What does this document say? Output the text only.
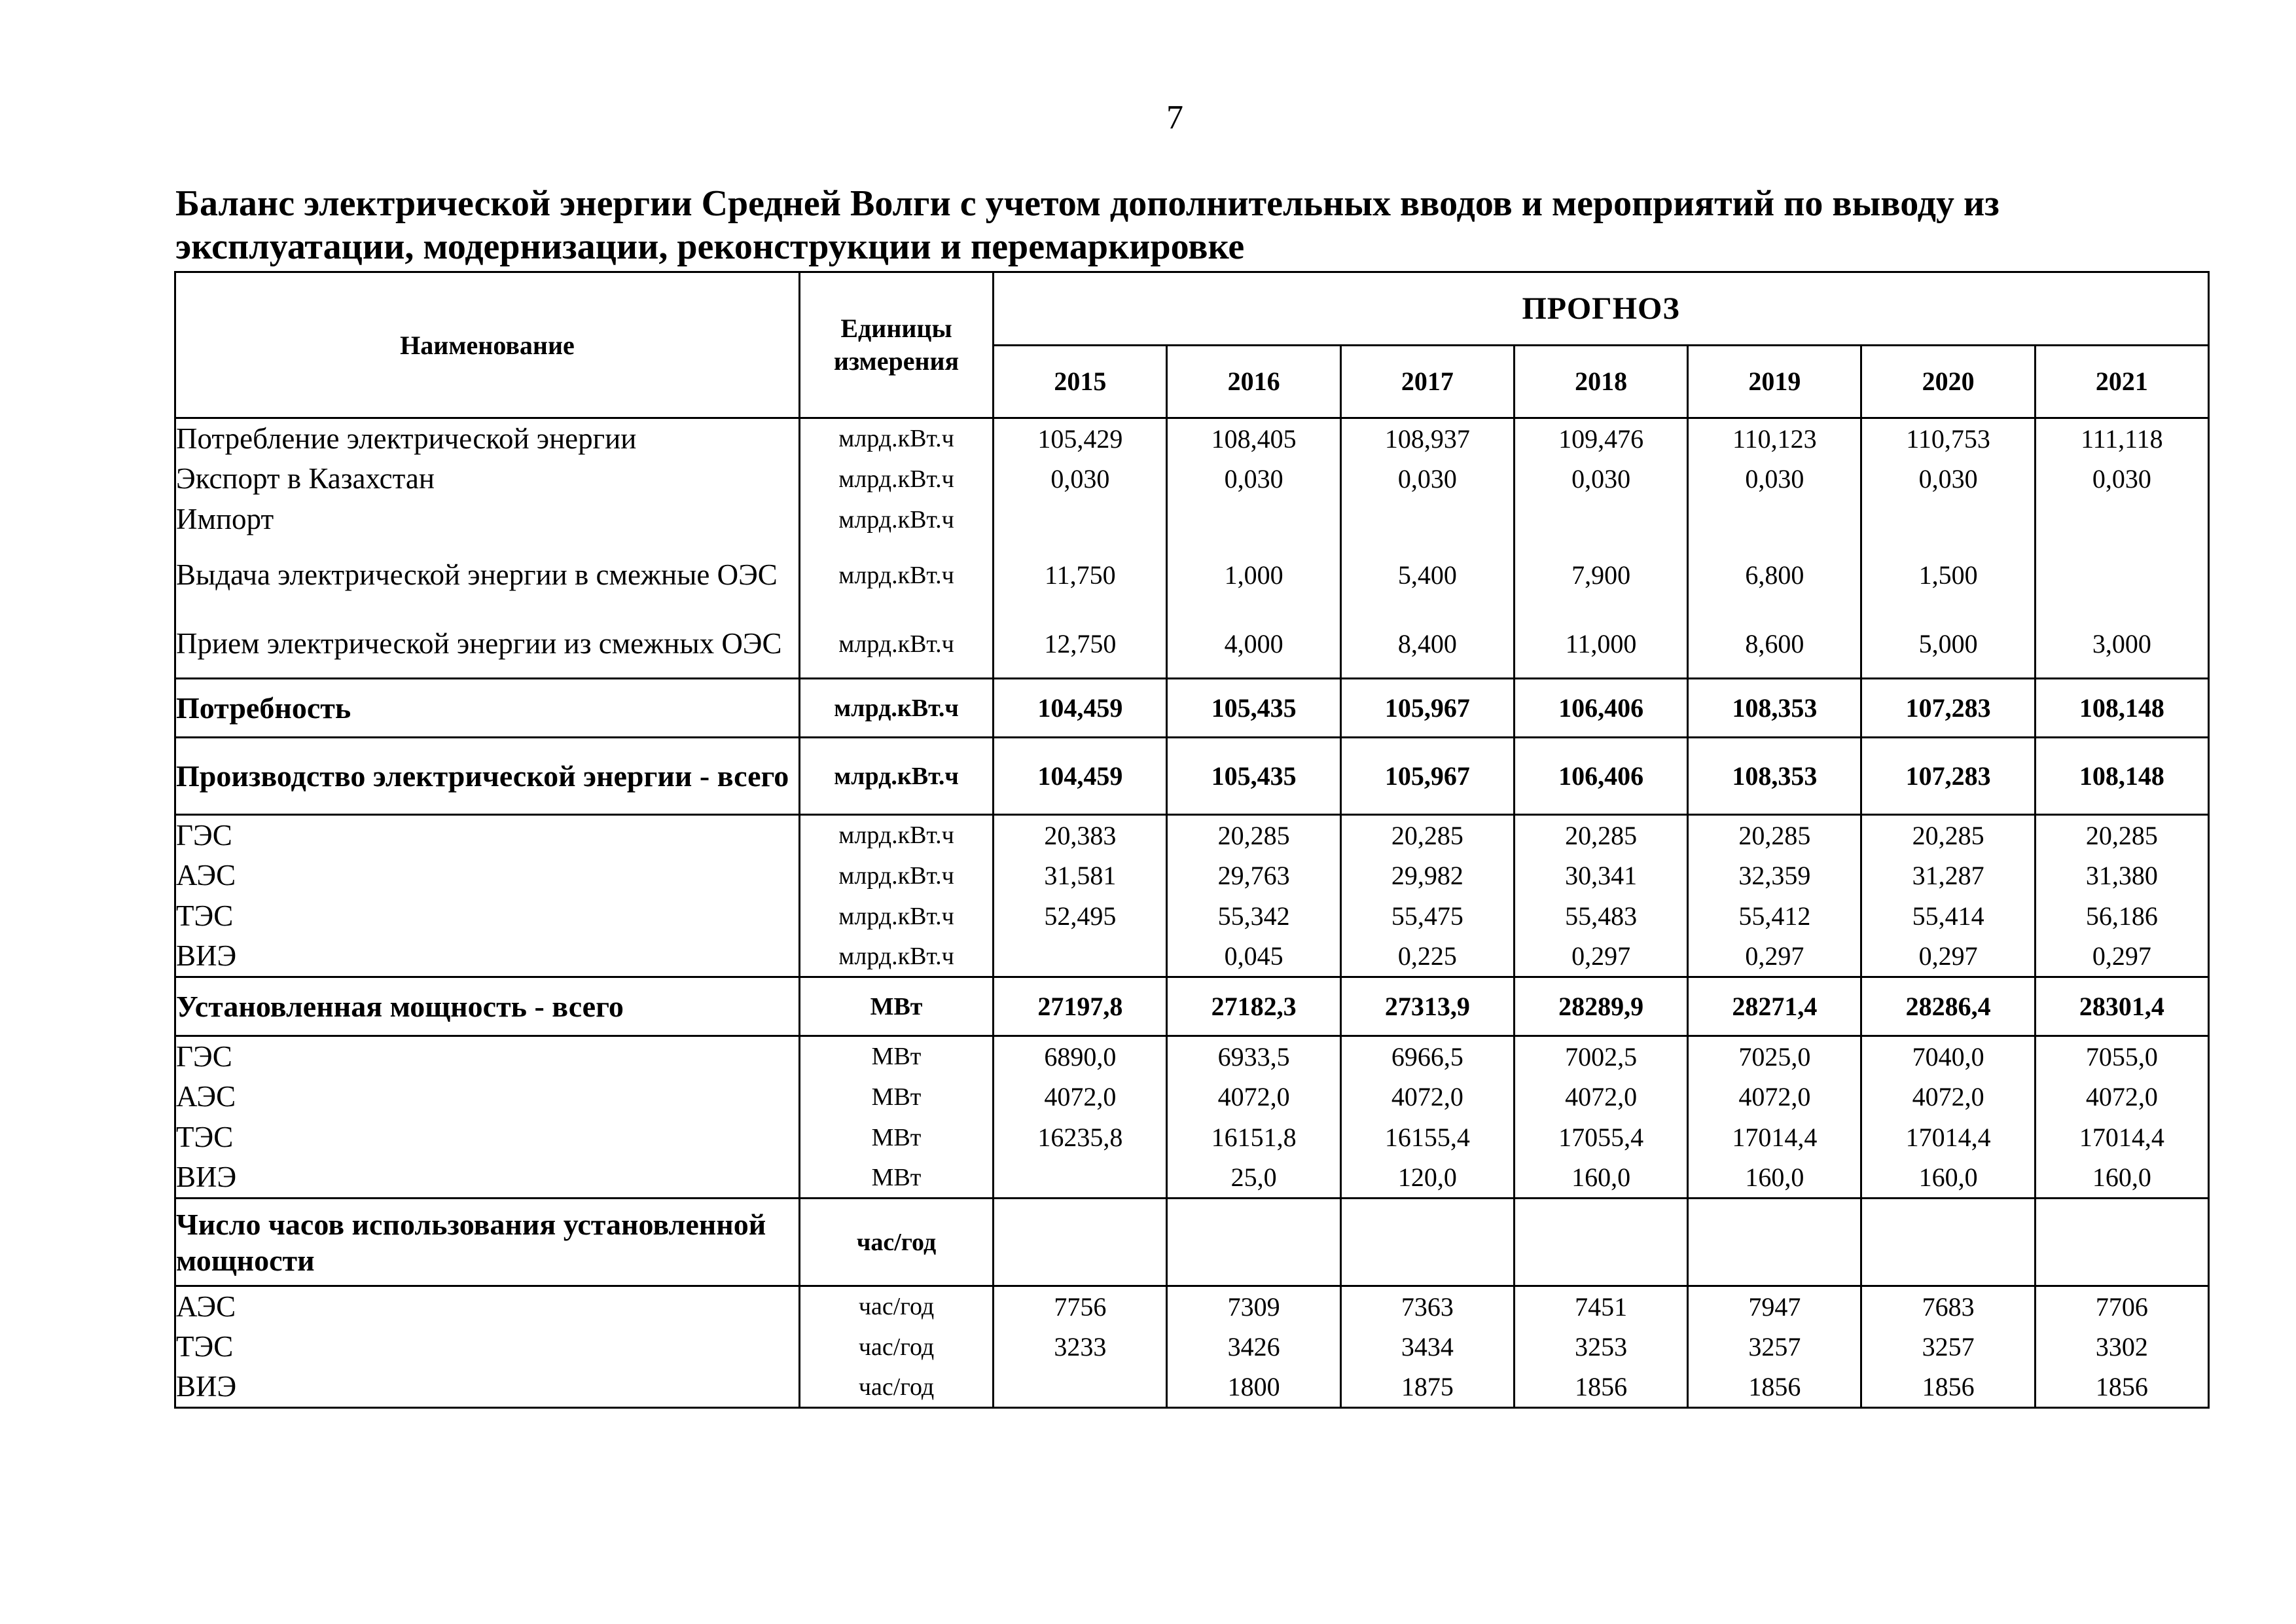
7
Баланс электрической энергии Средней Волги с учетом дополнительных вводов и мероприятий по выводу из эксплуатации, модернизации, реконструкции и перемаркировке
Наименование	Единицы измерения	ПРОГНОЗ						
		2015	2016	2017	2018	2019	2020	2021
Потребление электрической энергии	млрд.кВт.ч	105,429	108,405	108,937	109,476	110,123	110,753	111,118
Экспорт в Казахстан	млрд.кВт.ч	0,030	0,030	0,030	0,030	0,030	0,030	0,030
Импорт	млрд.кВт.ч							
Выдача электрической энергии в смежные ОЭС	млрд.кВт.ч	11,750	1,000	5,400	7,900	6,800	1,500	
Прием электрической энергии из смежных ОЭС	млрд.кВт.ч	12,750	4,000	8,400	11,000	8,600	5,000	3,000
Потребность	млрд.кВт.ч	104,459	105,435	105,967	106,406	108,353	107,283	108,148
Производство электрической энергии - всего	млрд.кВт.ч	104,459	105,435	105,967	106,406	108,353	107,283	108,148
ГЭС	млрд.кВт.ч	20,383	20,285	20,285	20,285	20,285	20,285	20,285
АЭС	млрд.кВт.ч	31,581	29,763	29,982	30,341	32,359	31,287	31,380
ТЭС	млрд.кВт.ч	52,495	55,342	55,475	55,483	55,412	55,414	56,186
ВИЭ	млрд.кВт.ч		0,045	0,225	0,297	0,297	0,297	0,297
Установленная мощность - всего	МВт	27197,8	27182,3	27313,9	28289,9	28271,4	28286,4	28301,4
ГЭС	МВт	6890,0	6933,5	6966,5	7002,5	7025,0	7040,0	7055,0
АЭС	МВт	4072,0	4072,0	4072,0	4072,0	4072,0	4072,0	4072,0
ТЭС	МВт	16235,8	16151,8	16155,4	17055,4	17014,4	17014,4	17014,4
ВИЭ	МВт		25,0	120,0	160,0	160,0	160,0	160,0
Число часов использования установленной мощности	час/год							
АЭС	час/год	7756	7309	7363	7451	7947	7683	7706
ТЭС	час/год	3233	3426	3434	3253	3257	3257	3302
ВИЭ	час/год		1800	1875	1856	1856	1856	1856
